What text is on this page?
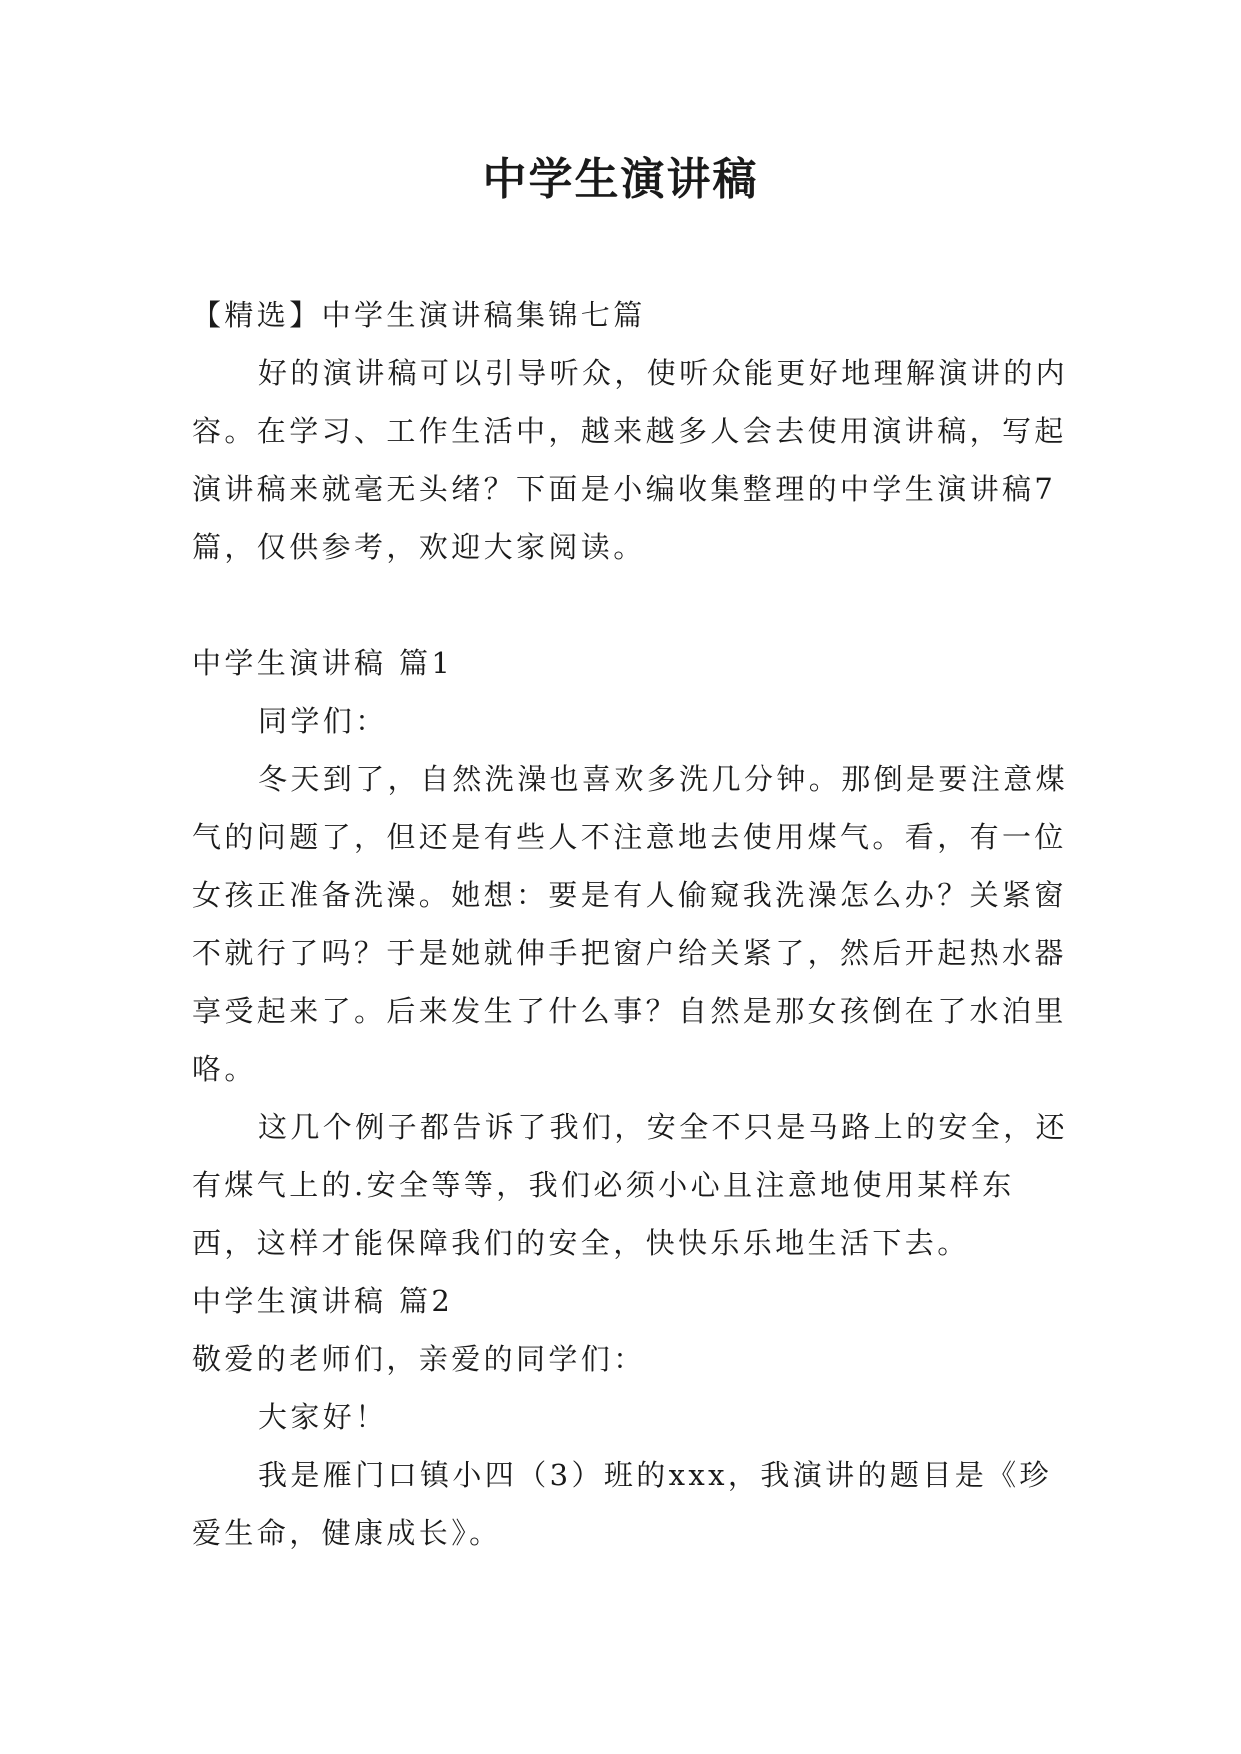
中学生演讲稿

【精选】中学生演讲稿集锦七篇

好的演讲稿可以引导听众，使听众能更好地理解演讲的内容。在学习、工作生活中，越来越多人会去使用演讲稿，写起演讲稿来就毫无头绪？下面是小编收集整理的中学生演讲稿7篇，仅供参考，欢迎大家阅读。

中学生演讲稿 篇1

同学们：

冬天到了，自然洗澡也喜欢多洗几分钟。那倒是要注意煤气的问题了，但还是有些人不注意地去使用煤气。看，有一位女孩正准备洗澡。她想：要是有人偷窥我洗澡怎么办？关紧窗不就行了吗？于是她就伸手把窗户给关紧了，然后开起热水器享受起来了。后来发生了什么事？自然是那女孩倒在了水泊里咯。

这几个例子都告诉了我们，安全不只是马路上的安全，还有煤气上的.安全等等，我们必须小心且注意地使用某样东西，这样才能保障我们的安全，快快乐乐地生活下去。

中学生演讲稿 篇2

敬爱的老师们，亲爱的同学们：

大家好！

我是雁门口镇小四（3）班的xxx，我演讲的题目是《珍爱生命，健康成长》。
